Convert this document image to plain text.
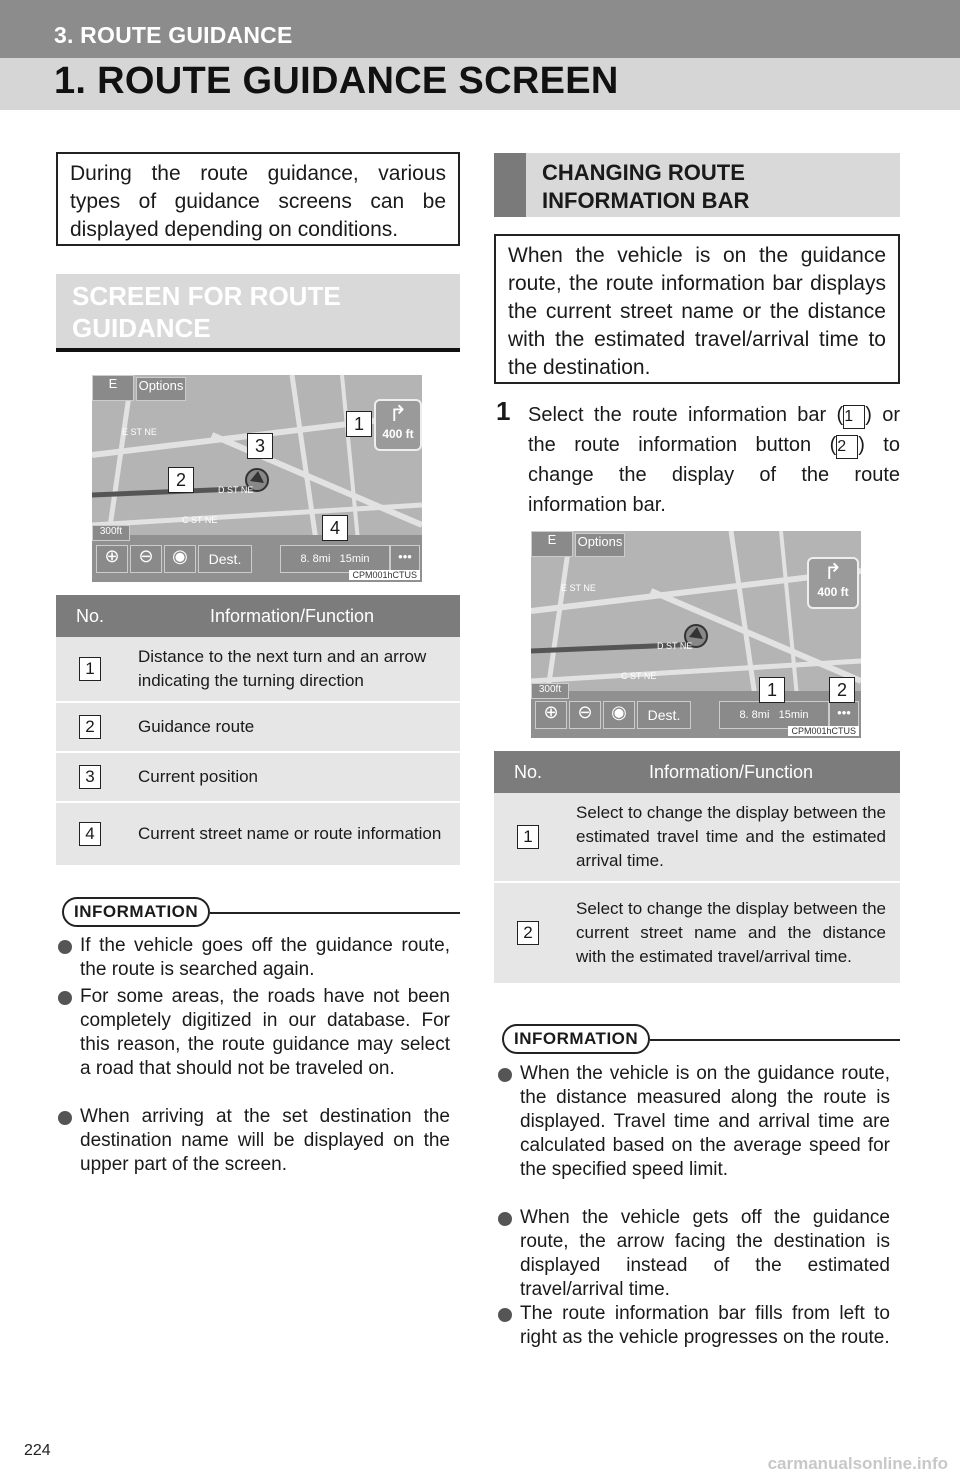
3. ROUTE GUIDANCE
1. ROUTE GUIDANCE SCREEN
During the route guidance, various types of guidance screens can be displayed depending on conditions.
SCREEN FOR ROUTE GUIDANCE
E	Options
↱
400 ft
300ft
⊕	⊖	◉	Dest.	8. 8mi 15min	•••
CPM001hCTUS
1
2
3
4
E ST NE
D ST NE
C ST NE
No.	Information/Function
1	Distance to the next turn and an arrow indicating the turning direction
2	Guidance route
3	Current position
4	Current street name or route information
INFORMATION
If the vehicle goes off the guidance route, the route is searched again.
For some areas, the roads have not been completely digitized in our database. For this reason, the route guidance may select a road that should not be traveled on.
When arriving at the set destination the destination name will be displayed on the upper part of the screen.
CHANGING ROUTE INFORMATION BAR
When the vehicle is on the guidance route, the route information bar displays the current street name or the distance with the estimated travel/arrival time to the destination.
1 Select the route information bar (1 ) or the route information button (2 ) to change the display of the route information bar.
E	Options
↱
400 ft
300ft
⊕	⊖	◉	Dest.	8. 8mi 15min	•••
CPM001hCTUS
1	2
E ST NE
D ST NE
C ST NE
No.	Information/Function
1	Select to change the display between the estimated travel time and the estimated arrival time.
2	Select to change the display between the current street name and the distance with the estimated travel/arrival time.
INFORMATION
When the vehicle is on the guidance route, the distance measured along the route is displayed. Travel time and arrival time are calculated based on the average speed for the specified speed limit.
When the vehicle gets off the guidance route, the arrow facing the destination is displayed instead of the estimated travel/arrival time.
The route information bar fills from left to right as the vehicle progresses on the route.
224
carmanualsonline.info
